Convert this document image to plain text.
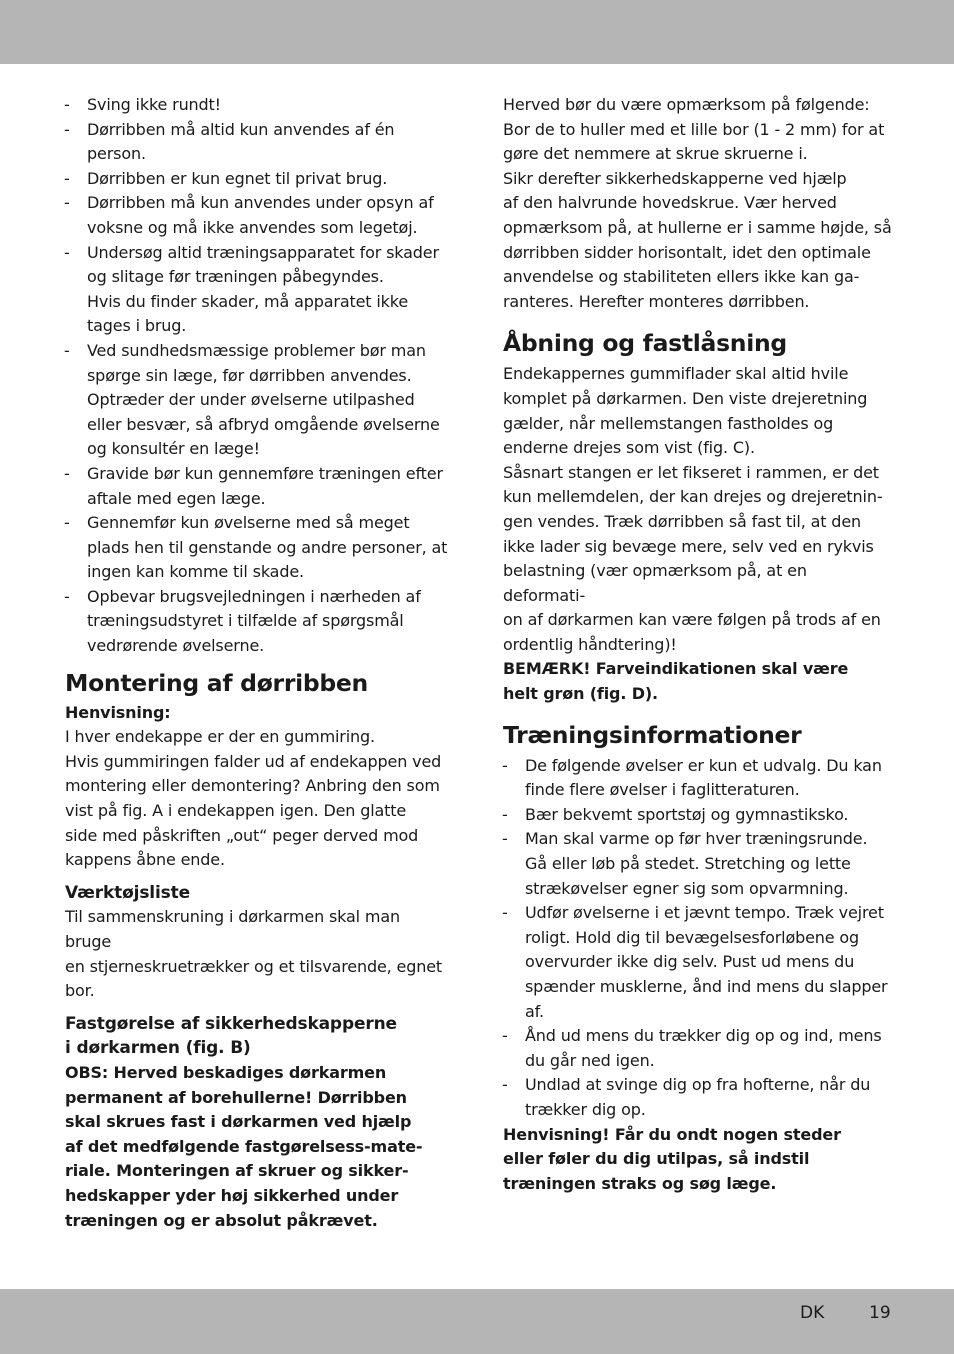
- Sving ikke rundt!
- Dørribben må altid kun anvendes af én
person.
- Dørribben er kun egnet til privat brug.
- Dørribben må kun anvendes under opsyn af
voksne og må ikke anvendes som legetøj.
- Undersøg altid træningsapparatet for skader
og slitage før træningen påbegyndes.
Hvis du finder skader, må apparatet ikke
tages i brug.
- Ved sundhedsmæssige problemer bør man
spørge sin læge, før dørribben anvendes.
Optræder der under øvelserne utilpashed
eller besvær, så afbryd omgående øvelserne
og konsultér en læge!
- Gravide bør kun gennemføre træningen efter
aftale med egen læge.
- Gennemfør kun øvelserne med så meget
plads hen til genstande og andre personer, at
ingen kan komme til skade.
- Opbevar brugsvejledningen i nærheden af
træningsudstyret i tilfælde af spørgsmål
vedrørende øvelserne.
Montering af dørribben
Henvisning:

I hver endekappe er der en gummiring.
Hvis gummiringen falder ud af endekappen ved
montering eller demontering? Anbring den som
vist på fig. A i endekappen igen. Den glatte
side med påskriften „out“ peger derved mod
kappens åbne ende.

Værktøjsliste

Til sammenskruning i dørkarmen skal man bruge
en stjerneskruetrækker og et tilsvarende, egnet
bor.

Fastgørelse af sikkerhedskapperne
i dørkarmen (fig. B)

OBS: Herved beskadiges dørkarmen
permanent af borehullerne! Dørribben
skal skrues fast i dørkarmen ved hjælp
af det medfølgende fastgørelsess-mate-
riale. Monteringen af skruer og sikker-
hedskapper yder høj sikkerhed under
træningen og er absolut påkrævet.

Herved bør du være opmærksom på følgende:
Bor de to huller med et lille bor (1 - 2 mm) for at
gøre det nemmere at skrue skruerne i.
Sikr derefter sikkerhedskapperne ved hjælp
af den halvrunde hovedskrue. Vær herved
opmærksom på, at hullerne er i samme højde, så
dørribben sidder horisontalt, idet den optimale
anvendelse og stabiliteten ellers ikke kan ga-
ranteres. Herefter monteres dørribben.

Åbning og fastlåsning

Endekappernes gummiflader skal altid hvile
komplet på dørkarmen. Den viste drejeretning
gælder, når mellemstangen fastholdes og
enderne drejes som vist (fig. C).
Såsnart stangen er let fikseret i rammen, er det
kun mellemdelen, der kan drejes og drejeretnin-
gen vendes. Træk dørribben så fast til, at den
ikke lader sig bevæge mere, selv ved en rykvis
belastning (vær opmærksom på, at en deformati-
on af dørkarmen kan være følgen på trods af en
ordentlig håndtering)!

BEMÆRK! Farveindikationen skal være
helt grøn (fig. D).

Træningsinformationer
- De følgende øvelser er kun et udvalg. Du kan
finde flere øvelser i faglitteraturen.
- Bær bekvemt sportstøj og gymnastiksko.
- Man skal varme op før hver træningsrunde.
Gå eller løb på stedet. Stretching og lette
strækøvelser egner sig som opvarmning.
- Udfør øvelserne i et jævnt tempo. Træk vejret
roligt. Hold dig til bevægelsesforløbene og
overvurder ikke dig selv. Pust ud mens du
spænder musklerne, ånd ind mens du slapper
af.
- Ånd ud mens du trækker dig op og ind, mens
du går ned igen.
- Undlad at svinge dig op fra hofterne, når du
trækker dig op.

Henvisning! Får du ondt nogen steder
eller føler du dig utilpas, så indstil
træningen straks og søg læge.

DK	19
